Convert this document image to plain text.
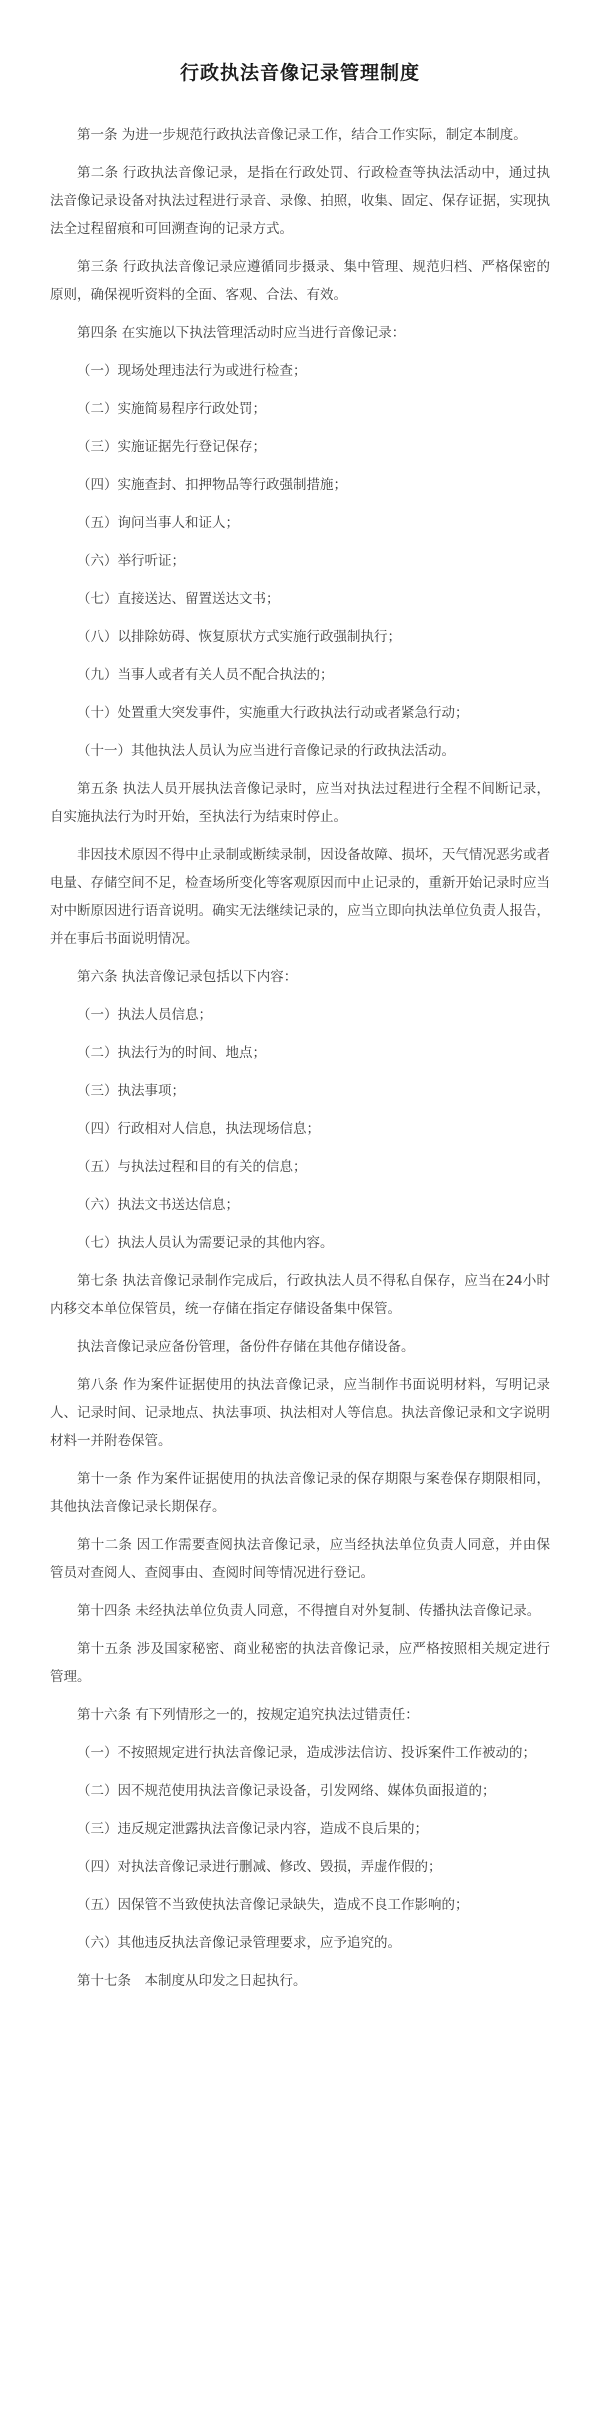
行政执法音像记录管理制度

第一条 为进一步规范行政执法音像记录工作，结合工作实际，制定本制度。

第二条 行政执法音像记录，是指在行政处罚、行政检查等执法活动中，通过执法音像记录设备对执法过程进行录音、录像、拍照，收集、固定、保存证据，实现执法全过程留痕和可回溯查询的记录方式。

第三条 行政执法音像记录应遵循同步摄录、集中管理、规范归档、严格保密的原则，确保视听资料的全面、客观、合法、有效。

第四条 在实施以下执法管理活动时应当进行音像记录：

（一）现场处理违法行为或进行检查；

（二）实施简易程序行政处罚；

（三）实施证据先行登记保存；

（四）实施查封、扣押物品等行政强制措施；

（五）询问当事人和证人；

（六）举行听证；

（七）直接送达、留置送达文书；

（八）以排除妨碍、恢复原状方式实施行政强制执行；

（九）当事人或者有关人员不配合执法的；

（十）处置重大突发事件，实施重大行政执法行动或者紧急行动；

（十一）其他执法人员认为应当进行音像记录的行政执法活动。

第五条 执法人员开展执法音像记录时，应当对执法过程进行全程不间断记录，自实施执法行为时开始，至执法行为结束时停止。

非因技术原因不得中止录制或断续录制，因设备故障、损坏，天气情况恶劣或者电量、存储空间不足，检查场所变化等客观原因而中止记录的，重新开始记录时应当对中断原因进行语音说明。确实无法继续记录的，应当立即向执法单位负责人报告，并在事后书面说明情况。

第六条 执法音像记录包括以下内容：

（一）执法人员信息；

（二）执法行为的时间、地点；

（三）执法事项；

（四）行政相对人信息，执法现场信息；

（五）与执法过程和目的有关的信息；

（六）执法文书送达信息；

（七）执法人员认为需要记录的其他内容。

第七条 执法音像记录制作完成后，行政执法人员不得私自保存，应当在24小时内移交本单位保管员，统一存储在指定存储设备集中保管。

执法音像记录应备份管理，备份件存储在其他存储设备。

第八条 作为案件证据使用的执法音像记录，应当制作书面说明材料，写明记录人、记录时间、记录地点、执法事项、执法相对人等信息。执法音像记录和文字说明材料一并附卷保管。

第十一条 作为案件证据使用的执法音像记录的保存期限与案卷保存期限相同，其他执法音像记录长期保存。

第十二条 因工作需要查阅执法音像记录，应当经执法单位负责人同意，并由保管员对查阅人、查阅事由、查阅时间等情况进行登记。

第十四条 未经执法单位负责人同意，不得擅自对外复制、传播执法音像记录。

第十五条 涉及国家秘密、商业秘密的执法音像记录，应严格按照相关规定进行管理。

第十六条 有下列情形之一的，按规定追究执法过错责任：

（一）不按照规定进行执法音像记录，造成涉法信访、投诉案件工作被动的；

（二）因不规范使用执法音像记录设备，引发网络、媒体负面报道的；

（三）违反规定泄露执法音像记录内容，造成不良后果的；

（四）对执法音像记录进行删减、修改、毁损，弄虚作假的；

（五）因保管不当致使执法音像记录缺失，造成不良工作影响的；

（六）其他违反执法音像记录管理要求，应予追究的。

第十七条　本制度从印发之日起执行。
